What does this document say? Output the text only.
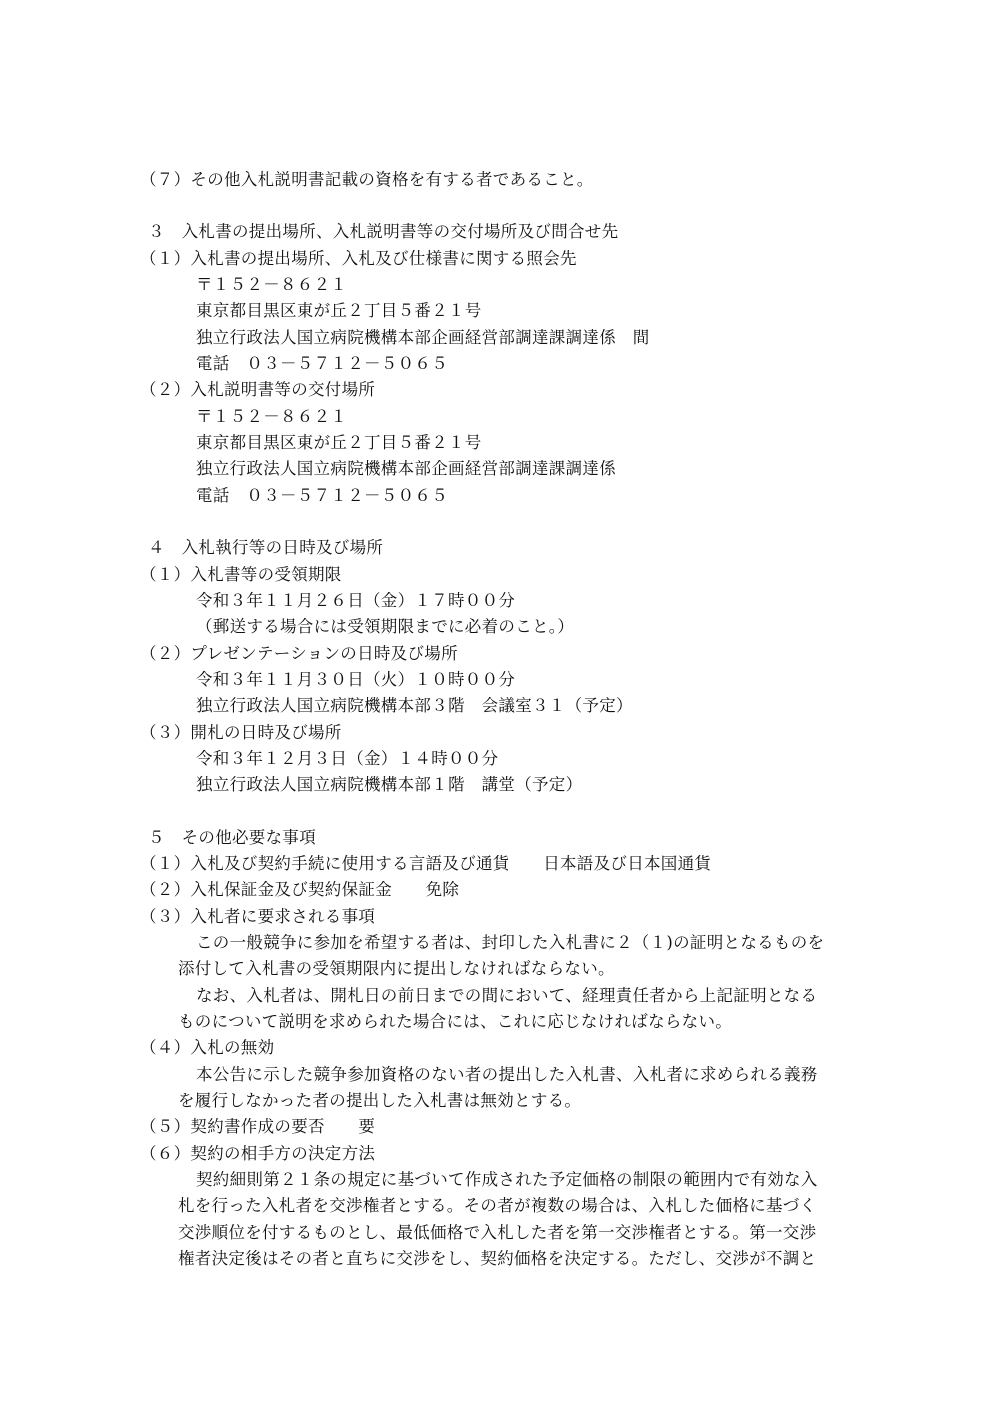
（７）その他入札説明書記載の資格を有する者であること。
３　入札書の提出場所、入札説明書等の交付場所及び問合せ先
（１）入札書の提出場所、入札及び仕様書に関する照会先
〒１５２－８６２１
東京都目黒区東が丘２丁目５番２１号
独立行政法人国立病院機構本部企画経営部調達課調達係　間
電話　０３－５７１２－５０６５
（２）入札説明書等の交付場所
〒１５２－８６２１
東京都目黒区東が丘２丁目５番２１号
独立行政法人国立病院機構本部企画経営部調達課調達係
電話　０３－５７１２－５０６５
４　入札執行等の日時及び場所
（１）入札書等の受領期限
令和３年１１月２６日（金）１７時００分
（郵送する場合には受領期限までに必着のこと。）
（２）プレゼンテーションの日時及び場所
令和３年１１月３０日（火）１０時００分
独立行政法人国立病院機構本部３階　会議室３１（予定）
（３）開札の日時及び場所
令和３年１２月３日（金）１４時００分
独立行政法人国立病院機構本部１階　講堂（予定）
５　その他必要な事項
（１）入札及び契約手続に使用する言語及び通貨　　日本語及び日本国通貨
（２）入札保証金及び契約保証金　　免除
（３）入札者に要求される事項
この一般競争に参加を希望する者は、封印した入札書に２（１)の証明となるものを
添付して入札書の受領期限内に提出しなければならない。
なお、入札者は、開札日の前日までの間において、経理責任者から上記証明となる
ものについて説明を求められた場合には、これに応じなければならない。
（４）入札の無効
本公告に示した競争参加資格のない者の提出した入札書、入札者に求められる義務
を履行しなかった者の提出した入札書は無効とする。
（５）契約書作成の要否　　要
（６）契約の相手方の決定方法
契約細則第２１条の規定に基づいて作成された予定価格の制限の範囲内で有効な入
札を行った入札者を交渉権者とする。その者が複数の場合は、入札した価格に基づく
交渉順位を付するものとし、最低価格で入札した者を第一交渉権者とする。第一交渉
権者決定後はその者と直ちに交渉をし、契約価格を決定する。ただし、交渉が不調と
